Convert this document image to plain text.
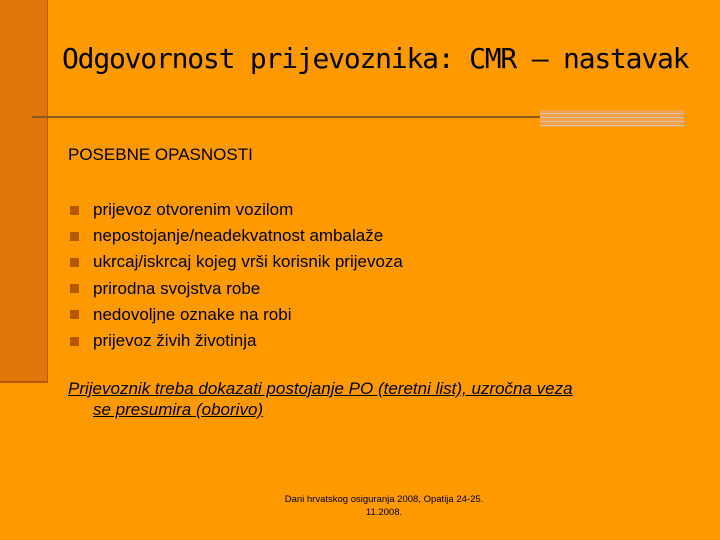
Odgovornost prijevoznika: CMR – nastavak
POSEBNE OPASNOSTI
prijevoz otvorenim vozilom
nepostojanje/neadekvatnost ambalaže
ukrcaj/iskrcaj kojeg vrši korisnik prijevoza
prirodna svojstva robe
nedovoljne oznake na robi
prijevoz živih životinja
Prijevoznik treba dokazati postojanje PO (teretni list), uzročna veza
se presumira (oborivo)
Dani hrvatskog osiguranja 2008, Opatija 24-25.
11.2008.
